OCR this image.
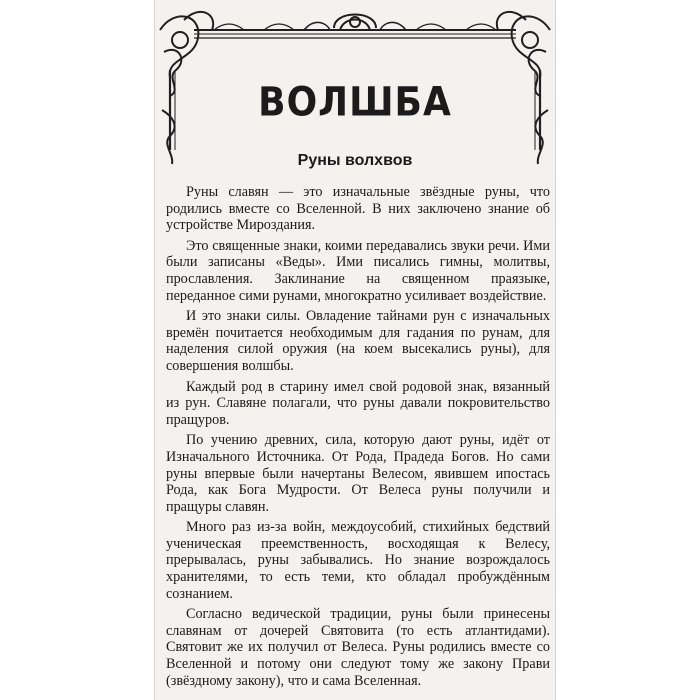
ВОЛШБА
Руны волхвов

Руны славян — это изначальные звёздные руны, что родились вместе со Вселенной. В них заключено знание об устройстве Мироздания.

Это священные знаки, коими передавались звуки речи. Ими были записаны «Веды». Ими писались гимны, молитвы, прославления. Заклинание на священном праязыке, переданное сими рунами, многократно усиливает воздействие.

И это знаки силы. Овладение тайнами рун с изначальных времён почитается необходимым для гадания по рунам, для наделения силой оружия (на коем высекались руны), для совершения волшбы.

Каждый род в старину имел свой родовой знак, вязанный из рун. Славяне полагали, что руны давали покровительство пращуров.

По учению древних, сила, которую дают руны, идёт от Изначального Источника. От Рода, Прадеда Богов. Но сами руны впервые были начертаны Велесом, явившем ипостась Рода, как Бога Мудрости. От Велеса руны получили и пращуры славян.

Много раз из-за войн, междоусобий, стихийных бедствий ученическая преемственность, восходящая к Велесу, прерывалась, руны забывались. Но знание возрождалось хранителями, то есть теми, кто обладал пробуждённым сознанием.

Согласно ведической традиции, руны были принесены славянам от дочерей Святовита (то есть атлантидами). Святовит же их получил от Велеса. Руны родились вместе со Вселенной и потому они следуют тому же закону Прави (звёздному закону), что и сама Вселенная.
